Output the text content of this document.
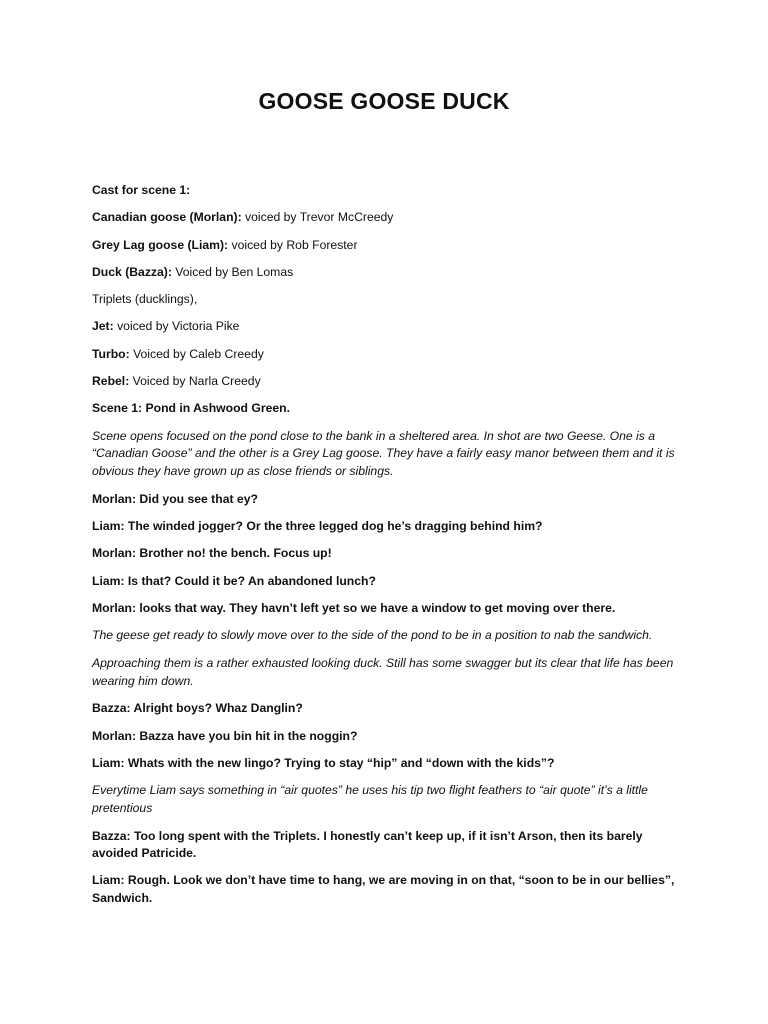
GOOSE GOOSE DUCK

Cast for scene 1:

Canadian goose (Morlan): voiced by Trevor McCreedy

Grey Lag goose (Liam): voiced by Rob Forester

Duck (Bazza): Voiced by Ben Lomas

Triplets (ducklings),

Jet: voiced by Victoria Pike

Turbo: Voiced by Caleb Creedy

Rebel: Voiced by Narla Creedy

Scene 1: Pond in Ashwood Green.

Scene opens focused on the pond close to the bank in a sheltered area. In shot are two Geese. One is a “Canadian Goose” and the other is a Grey Lag goose. They have a fairly easy manor between them and it is obvious they have grown up as close friends or siblings.

Morlan: Did you see that ey?

Liam: The winded jogger? Or the three legged dog he’s dragging behind him?

Morlan: Brother no! the bench. Focus up!

Liam: Is that? Could it be? An abandoned lunch?

Morlan: looks that way. They havn’t left yet so we have a window to get moving over there.

The geese get ready to slowly move over to the side of the pond to be in a position to nab the sandwich.

Approaching them is a rather exhausted looking duck. Still has some swagger but its clear that life has been wearing him down.

Bazza: Alright boys? Whaz Danglin?

Morlan: Bazza have you bin hit in the noggin?

Liam: Whats with the new lingo? Trying to stay “hip” and “down with the kids”?

Everytime Liam says something in “air quotes” he uses his tip two flight feathers to “air quote” it’s a little pretentious

Bazza: Too long spent with the Triplets. I honestly can’t keep up, if it isn’t Arson, then its barely avoided Patricide.

Liam: Rough. Look we don’t have time to hang, we are moving in on that, “soon to be in our bellies”, Sandwich.
